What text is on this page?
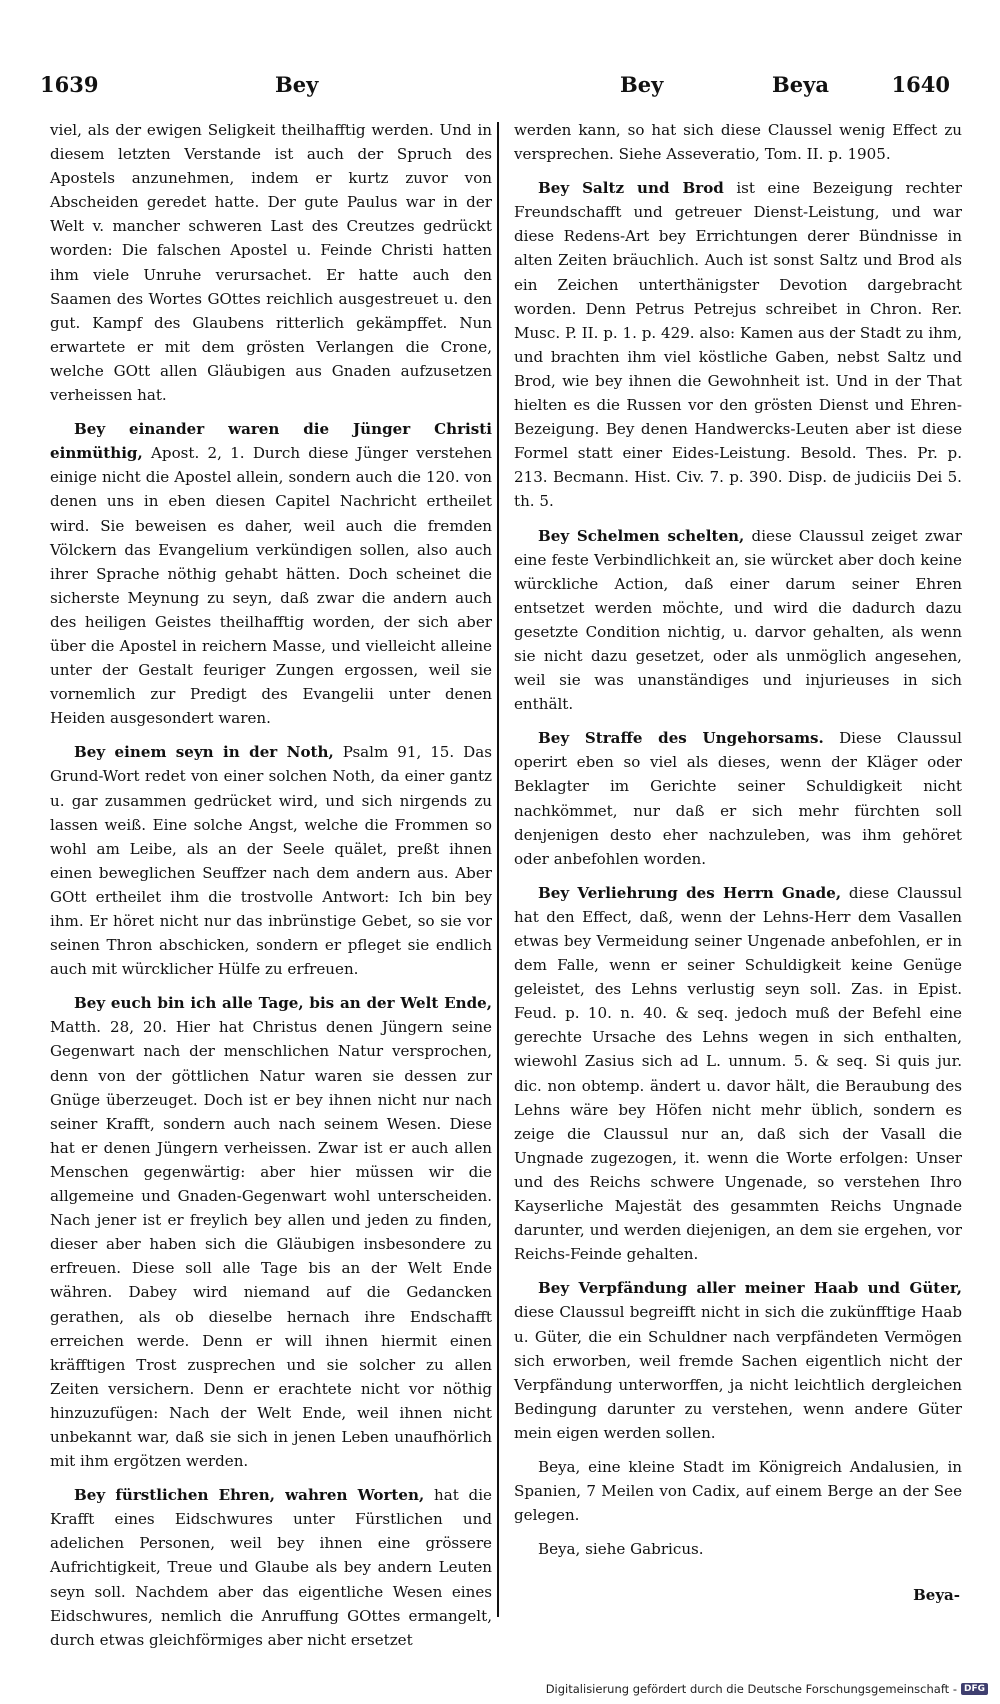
1639	Bey	Bey	Beya	1640

viel, als der ewigen Seligkeit theilhafftig werden. Und in diesem letzten Verstande ist auch der Spruch des Apostels anzunehmen, indem er kurtz zuvor von Abscheiden geredet hatte. Der gute Paulus war in der Welt v. mancher schweren Last des Creutzes gedrückt worden: Die falschen Apostel u. Feinde Christi hatten ihm viele Unruhe verursachet. Er hatte auch den Saamen des Wortes GOttes reichlich ausgestreuet u. den gut. Kampf des Glaubens ritterlich gekämpffet. Nun erwartete er mit dem grösten Verlangen die Crone, welche GOtt allen Gläubigen aus Gnaden aufzusetzen verheissen hat.

Bey einander waren die Jünger Christi einmüthig, Apost. 2, 1. Durch diese Jünger verstehen einige nicht die Apostel allein, sondern auch die 120. von denen uns in eben diesen Capitel Nachricht ertheilet wird. Sie beweisen es daher, weil auch die fremden Völckern das Evangelium verkündigen sollen, also auch ihrer Sprache nöthig gehabt hätten. Doch scheinet die sicherste Meynung zu seyn, daß zwar die andern auch des heiligen Geistes theilhafftig worden, der sich aber über die Apostel in reichern Masse, und vielleicht alleine unter der Gestalt feuriger Zungen ergossen, weil sie vornemlich zur Predigt des Evangelii unter denen Heiden ausgesondert waren.

Bey einem seyn in der Noth, Psalm 91, 15. Das Grund-Wort redet von einer solchen Noth, da einer gantz u. gar zusammen gedrücket wird, und sich nirgends zu lassen weiß. Eine solche Angst, welche die Frommen so wohl am Leibe, als an der Seele quälet, preßt ihnen einen beweglichen Seuffzer nach dem andern aus. Aber GOtt ertheilet ihm die trostvolle Antwort: Ich bin bey ihm. Er höret nicht nur das inbrünstige Gebet, so sie vor seinen Thron abschicken, sondern er pfleget sie endlich auch mit würcklicher Hülfe zu erfreuen.

Bey euch bin ich alle Tage, bis an der Welt Ende, Matth. 28, 20. Hier hat Christus denen Jüngern seine Gegenwart nach der menschlichen Natur versprochen, denn von der göttlichen Natur waren sie dessen zur Gnüge überzeuget. Doch ist er bey ihnen nicht nur nach seiner Krafft, sondern auch nach seinem Wesen. Diese hat er denen Jüngern verheissen. Zwar ist er auch allen Menschen gegenwärtig: aber hier müssen wir die allgemeine und Gnaden-Gegenwart wohl unterscheiden. Nach jener ist er freylich bey allen und jeden zu finden, dieser aber haben sich die Gläubigen insbesondere zu erfreuen. Diese soll alle Tage bis an der Welt Ende währen. Dabey wird niemand auf die Gedancken gerathen, als ob dieselbe hernach ihre Endschafft erreichen werde. Denn er will ihnen hiermit einen kräfftigen Trost zusprechen und sie solcher zu allen Zeiten versichern. Denn er erachtete nicht vor nöthig hinzuzufügen: Nach der Welt Ende, weil ihnen nicht unbekannt war, daß sie sich in jenen Leben unaufhörlich mit ihm ergötzen werden.

Bey fürstlichen Ehren, wahren Worten, hat die Krafft eines Eidschwures unter Fürstlichen und adelichen Personen, weil bey ihnen eine grössere Aufrichtigkeit, Treue und Glaube als bey andern Leuten seyn soll. Nachdem aber das eigentliche Wesen eines Eidschwures, nemlich die Anruffung GOttes ermangelt, durch etwas gleichförmiges aber nicht ersetzet

werden kann, so hat sich diese Claussel wenig Effect zu versprechen. Siehe Asseveratio, Tom. II. p. 1905.

Bey Saltz und Brod ist eine Bezeigung rechter Freundschafft und getreuer Dienst-Leistung, und war diese Redens-Art bey Errichtungen derer Bündnisse in alten Zeiten bräuchlich. Auch ist sonst Saltz und Brod als ein Zeichen unterthänigster Devotion dargebracht worden. Denn Petrus Petrejus schreibet in Chron. Rer. Musc. P. II. p. 1. p. 429. also: Kamen aus der Stadt zu ihm, und brachten ihm viel köstliche Gaben, nebst Saltz und Brod, wie bey ihnen die Gewohnheit ist. Und in der That hielten es die Russen vor den grösten Dienst und Ehren-Bezeigung. Bey denen Handwercks-Leuten aber ist diese Formel statt einer Eides-Leistung. Besold. Thes. Pr. p. 213. Becmann. Hist. Civ. 7. p. 390. Disp. de judiciis Dei 5. th. 5.

Bey Schelmen schelten, diese Claussul zeiget zwar eine feste Verbindlichkeit an, sie würcket aber doch keine würckliche Action, daß einer darum seiner Ehren entsetzet werden möchte, und wird die dadurch dazu gesetzte Condition nichtig, u. darvor gehalten, als wenn sie nicht dazu gesetzet, oder als unmöglich angesehen, weil sie was unanständiges und injurieuses in sich enthält.

Bey Straffe des Ungehorsams. Diese Claussul operirt eben so viel als dieses, wenn der Kläger oder Beklagter im Gerichte seiner Schuldigkeit nicht nachkömmet, nur daß er sich mehr fürchten soll denjenigen desto eher nachzuleben, was ihm gehöret oder anbefohlen worden.

Bey Verliehrung des Herrn Gnade, diese Claussul hat den Effect, daß, wenn der Lehns-Herr dem Vasallen etwas bey Vermeidung seiner Ungenade anbefohlen, er in dem Falle, wenn er seiner Schuldigkeit keine Genüge geleistet, des Lehns verlustig seyn soll. Zas. in Epist. Feud. p. 10. n. 40. & seq. jedoch muß der Befehl eine gerechte Ursache des Lehns wegen in sich enthalten, wiewohl Zasius sich ad L. unnum. 5. & seq. Si quis jur. dic. non obtemp. ändert u. davor hält, die Beraubung des Lehns wäre bey Höfen nicht mehr üblich, sondern es zeige die Claussul nur an, daß sich der Vasall die Ungnade zugezogen, it. wenn die Worte erfolgen: Unser und des Reichs schwere Ungenade, so verstehen Ihro Kayserliche Majestät des gesammten Reichs Ungnade darunter, und werden diejenigen, an dem sie ergehen, vor Reichs-Feinde gehalten.

Bey Verpfändung aller meiner Haab und Güter, diese Claussul begreifft nicht in sich die zukünfftige Haab u. Güter, die ein Schuldner nach verpfändeten Vermögen sich erworben, weil fremde Sachen eigentlich nicht der Verpfändung unterworffen, ja nicht leichtlich dergleichen Bedingung darunter zu verstehen, wenn andere Güter mein eigen werden sollen.

Beya, eine kleine Stadt im Königreich Andalusien, in Spanien, 7 Meilen von Cadix, auf einem Berge an der See gelegen.

Beya, siehe Gabricus.

Beya-
Digitalisierung gefördert durch die Deutsche Forschungsgemeinschaft - DFG
